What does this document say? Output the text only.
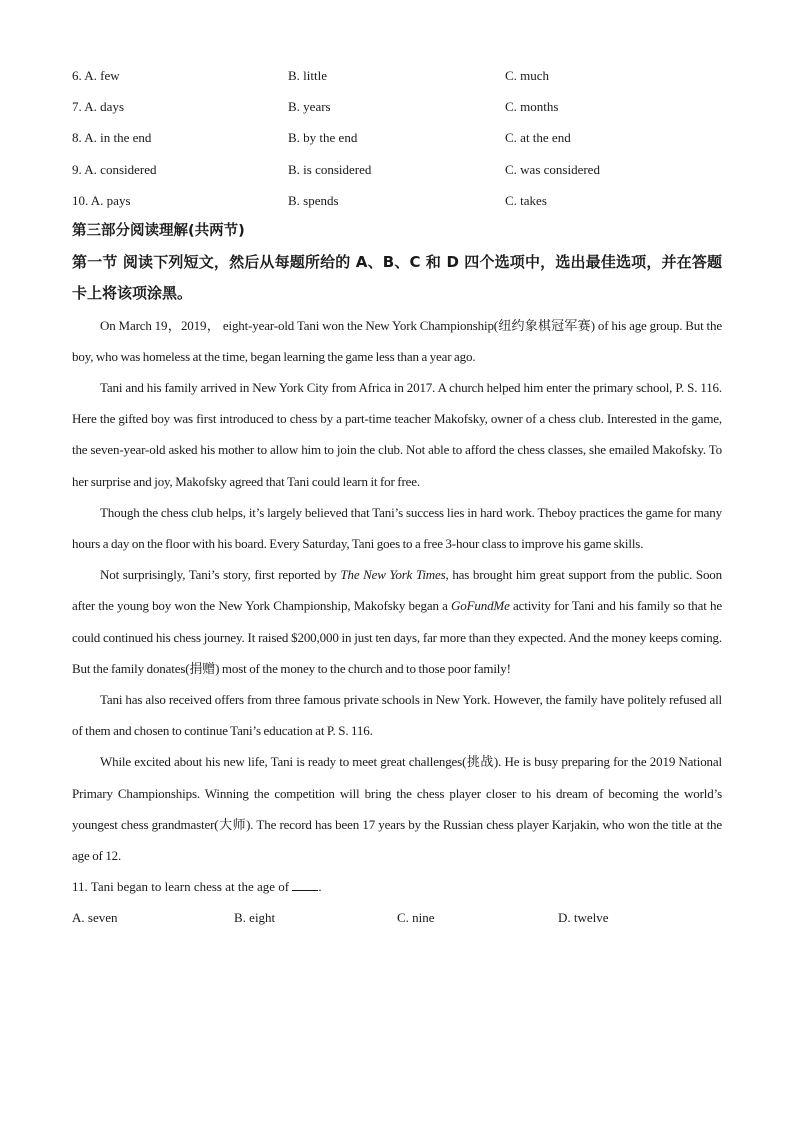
6. A. few	B. little	C. much
7. A. days	B. years	C. months
8. A. in the end	B. by the end	C. at the end
9. A. considered	B. is considered	C. was considered
10. A. pays	B. spends	C. takes

第三部分阅读理解(共两节)

第一节 阅读下列短文，然后从每题所给的 A、B、C 和 D 四个选项中，选出最佳选项，并在答题卡上将该项涂黑。

On March 19，2019， eight-year-old Tani won the New York Championship(纽约象棋冠军赛) of his age group. But the boy, who was homeless at the time, began learning the game less than a year ago.

Tani and his family arrived in New York City from Africa in 2017. A church helped him enter the primary school, P. S. 116. Here the gifted boy was first introduced to chess by a part-time teacher Makofsky, owner of a chess club. Interested in the game, the seven-year-old asked his mother to allow him to join the club. Not able to afford the chess classes, she emailed Makofsky. To her surprise and joy, Makofsky agreed that Tani could learn it for free.

Though the chess club helps, it’s largely believed that Tani’s success lies in hard work. Theboy practices the game for many hours a day on the floor with his board. Every Saturday, Tani goes to a free 3-hour class to improve his game skills.

Not surprisingly, Tani’s story, first reported by The New York Times, has brought him great support from the public. Soon after the young boy won the New York Championship, Makofsky began a GoFundMe activity for Tani and his family so that he could continued his chess journey. It raised $200,000 in just ten days, far more than they expected. And the money keeps coming. But the family donates(捐赠) most of the money to the church and to those poor family!

Tani has also received offers from three famous private schools in New York. However, the family have politely refused all of them and chosen to continue Tani’s education at P. S. 116.

While excited about his new life, Tani is ready to meet great challenges(挑战). He is busy preparing for the 2019 National Primary Championships. Winning the competition will bring the chess player closer to his dream of becoming the world’s youngest chess grandmaster(大师). The record has been 17 years by the Russian chess player Karjakin, who won the title at the age of 12.

11. Tani began to learn chess at the age of .

A. seven	B. eight	C. nine	D. twelve
